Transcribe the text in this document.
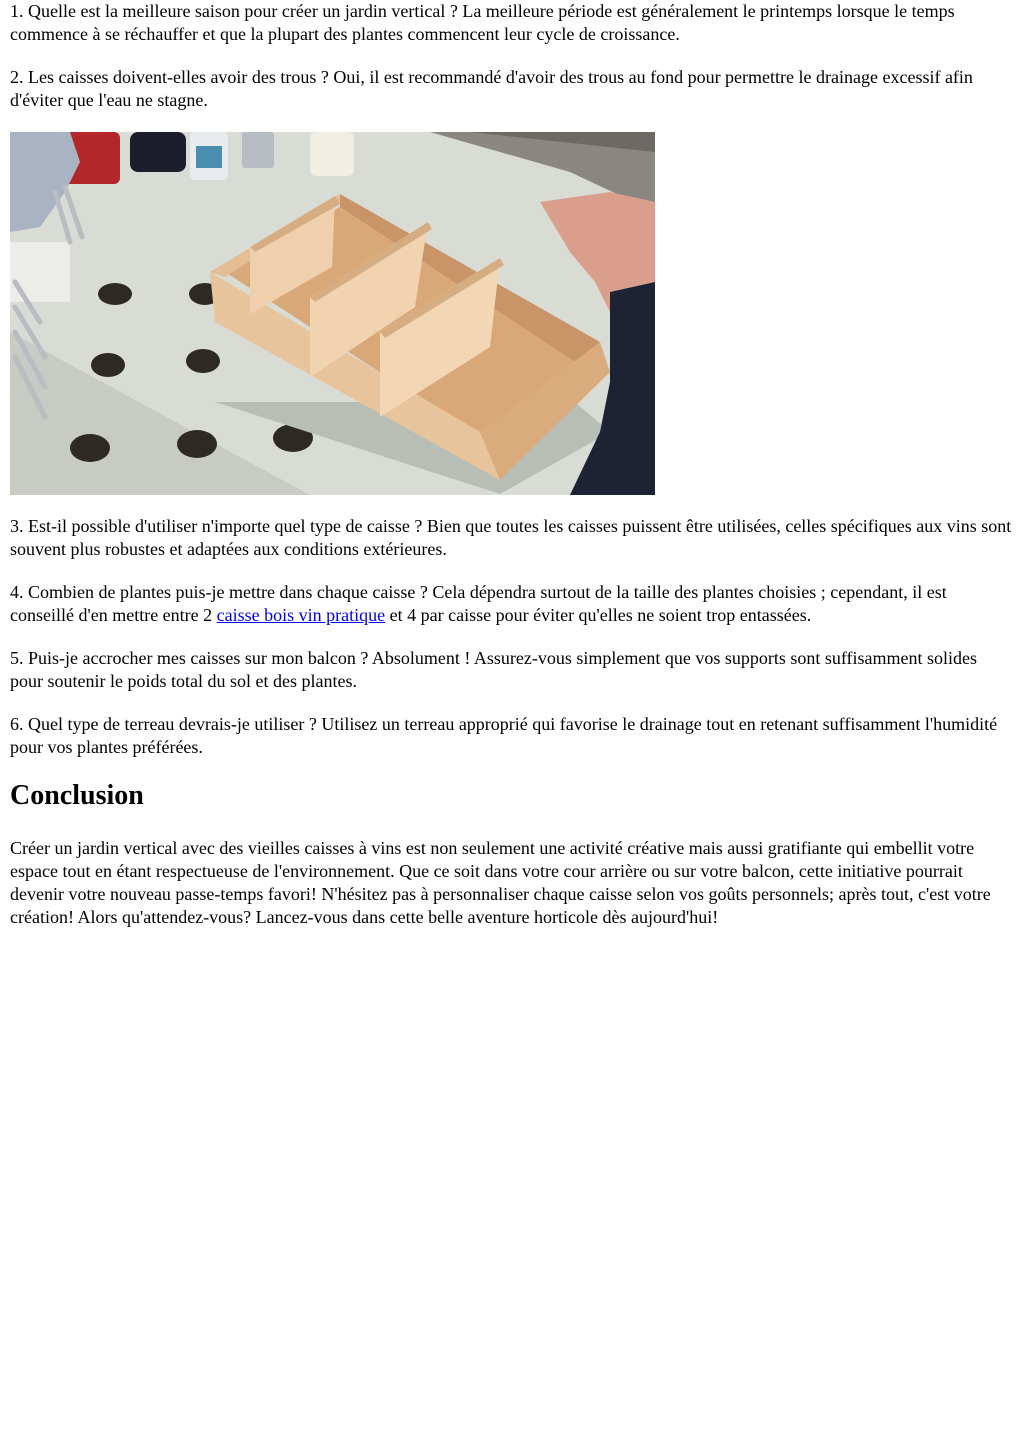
1. Quelle est la meilleure saison pour créer un jardin vertical ? La meilleure période est généralement le printemps lorsque le temps commence à se réchauffer et que la plupart des plantes commencent leur cycle de croissance.

2. Les caisses doivent-elles avoir des trous ? Oui, il est recommandé d'avoir des trous au fond pour permettre le drainage excessif afin d'éviter que l'eau ne stagne.

3. Est-il possible d'utiliser n'importe quel type de caisse ? Bien que toutes les caisses puissent être utilisées, celles spécifiques aux vins sont souvent plus robustes et adaptées aux conditions extérieures.

4. Combien de plantes puis-je mettre dans chaque caisse ? Cela dépendra surtout de la taille des plantes choisies ; cependant, il est conseillé d'en mettre entre 2 caisse bois vin pratique et 4 par caisse pour éviter qu'elles ne soient trop entassées.

5. Puis-je accrocher mes caisses sur mon balcon ? Absolument ! Assurez-vous simplement que vos supports sont suffisamment solides pour soutenir le poids total du sol et des plantes.

6. Quel type de terreau devrais-je utiliser ? Utilisez un terreau approprié qui favorise le drainage tout en retenant suffisamment l'humidité pour vos plantes préférées.

Conclusion

Créer un jardin vertical avec des vieilles caisses à vins est non seulement une activité créative mais aussi gratifiante qui embellit votre espace tout en étant respectueuse de l'environnement. Que ce soit dans votre cour arrière ou sur votre balcon, cette initiative pourrait devenir votre nouveau passe-temps favori! N'hésitez pas à personnaliser chaque caisse selon vos goûts personnels; après tout, c'est votre création! Alors qu'attendez-vous? Lancez-vous dans cette belle aventure horticole dès aujourd'hui!
